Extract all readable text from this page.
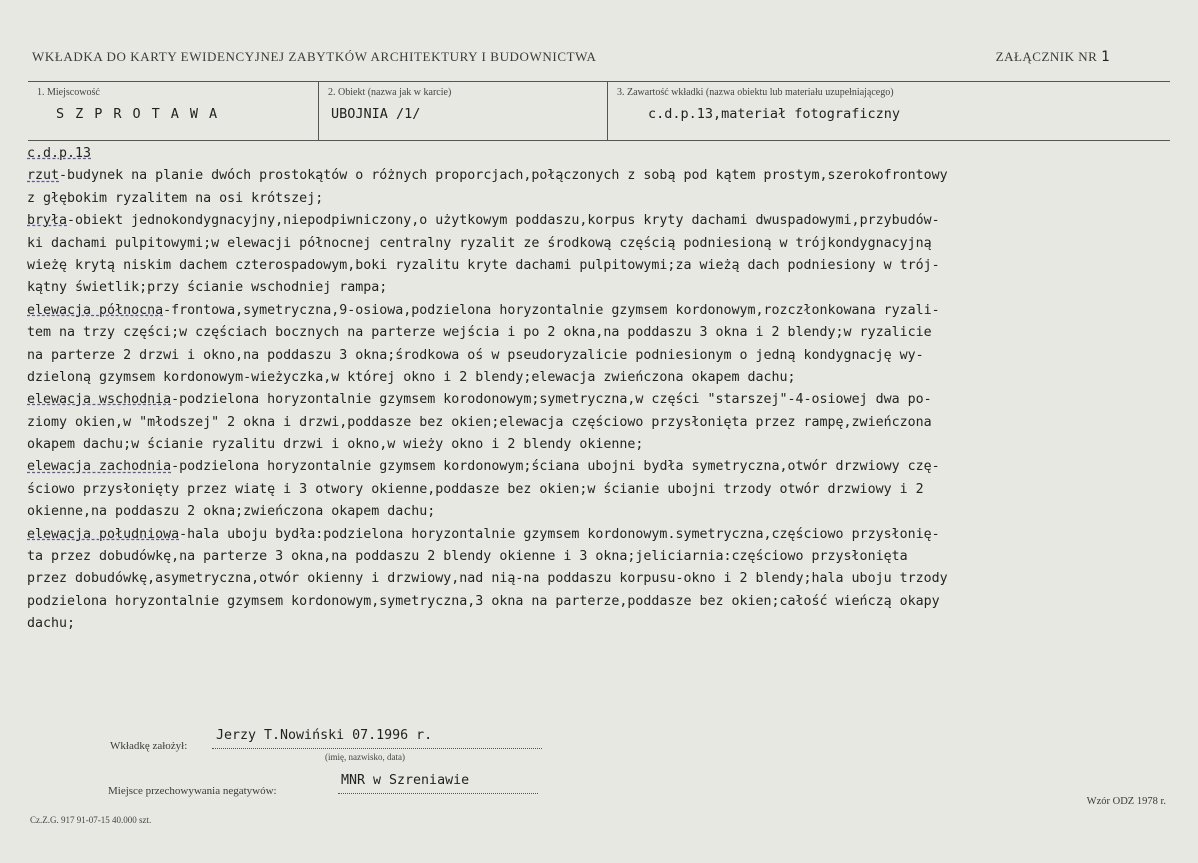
WKŁADKA DO KARTY EWIDENCYJNEJ ZABYTKÓW ARCHITEKTURY I BUDOWNICTWA	ZAŁĄCZNIK NR 1
1. Miejscowość
SZPROTAWA
2. Obiekt (nazwa jak w karcie)
UBOJNIA /1/
3. Zawartość wkładki (nazwa obiektu lub materiału uzupełniającego)
c.d.p.13,materiał fotograficzny
c.d.p.13
rzut-budynek na planie dwóch prostokątów o różnych proporcjach,połączonych z sobą pod kątem prostym,szerokofrontowy
z głębokim ryzalitem na osi krótszej;
bryła-obiekt jednokondygnacyjny,niepodpiwniczony,o użytkowym poddaszu,korpus kryty dachami dwuspadowymi,przybudów-
ki dachami pulpitowymi;w elewacji północnej centralny ryzalit ze środkową częścią podniesioną w trójkondygnacyjną
wieżę krytą niskim dachem czterospadowym,boki ryzalitu kryte dachami pulpitowymi;za wieżą dach podniesiony w trój-
kątny świetlik;przy ścianie wschodniej rampa;
elewacja północna-frontowa,symetryczna,9-osiowa,podzielona horyzontalnie gzymsem kordonowym,rozczłonkowana ryzali-
tem na trzy części;w częściach bocznych na parterze wejścia i po 2 okna,na poddaszu 3 okna i 2 blendy;w ryzalicie
na parterze 2 drzwi i okno,na poddaszu 3 okna;środkowa oś w pseudoryzalicie podniesionym o jedną kondygnację wy-
dzieloną gzymsem kordonowym-wieżyczka,w której okno i 2 blendy;elewacja zwieńczona okapem dachu;
elewacja wschodnia-podzielona horyzontalnie gzymsem korodonowym;symetryczna,w części "starszej"-4-osiowej dwa po-
ziomy okien,w "młodszej" 2 okna i drzwi,poddasze bez okien;elewacja częściowo przysłonięta przez rampę,zwieńczona
okapem dachu;w ścianie ryzalitu drzwi i okno,w wieży okno i 2 blendy okienne;
elewacja zachodnia-podzielona horyzontalnie gzymsem kordonowym;ściana ubojni bydła symetryczna,otwór drzwiowy czę-
ściowo przysłonięty przez wiatę i 3 otwory okienne,poddasze bez okien;w ścianie ubojni trzody otwór drzwiowy i 2
okienne,na poddaszu 2 okna;zwieńczona okapem dachu;
elewacja południowa-hala uboju bydła:podzielona horyzontalnie gzymsem kordonowym.symetryczna,częściowo przysłonię-
ta przez dobudówkę,na parterze 3 okna,na poddaszu 2 blendy okienne i 3 okna;jeliciarnia:częściowo przysłonięta
przez dobudówkę,asymetryczna,otwór okienny i drzwiowy,nad nią-na poddaszu korpusu-okno i 2 blendy;hala uboju trzody
podzielona horyzontalnie gzymsem kordonowym,symetryczna,3 okna na parterze,poddasze bez okien;całość wieńczą okapy
dachu;
Wkładkę założył:
Jerzy T.Nowiński 07.1996 r.
(imię, nazwisko, data)
Miejsce przechowywania negatywów:
MNR w Szreniawie
Cz.Z.G. 917 91-07-15 40.000 szt.
Wzór ODZ 1978 r.
